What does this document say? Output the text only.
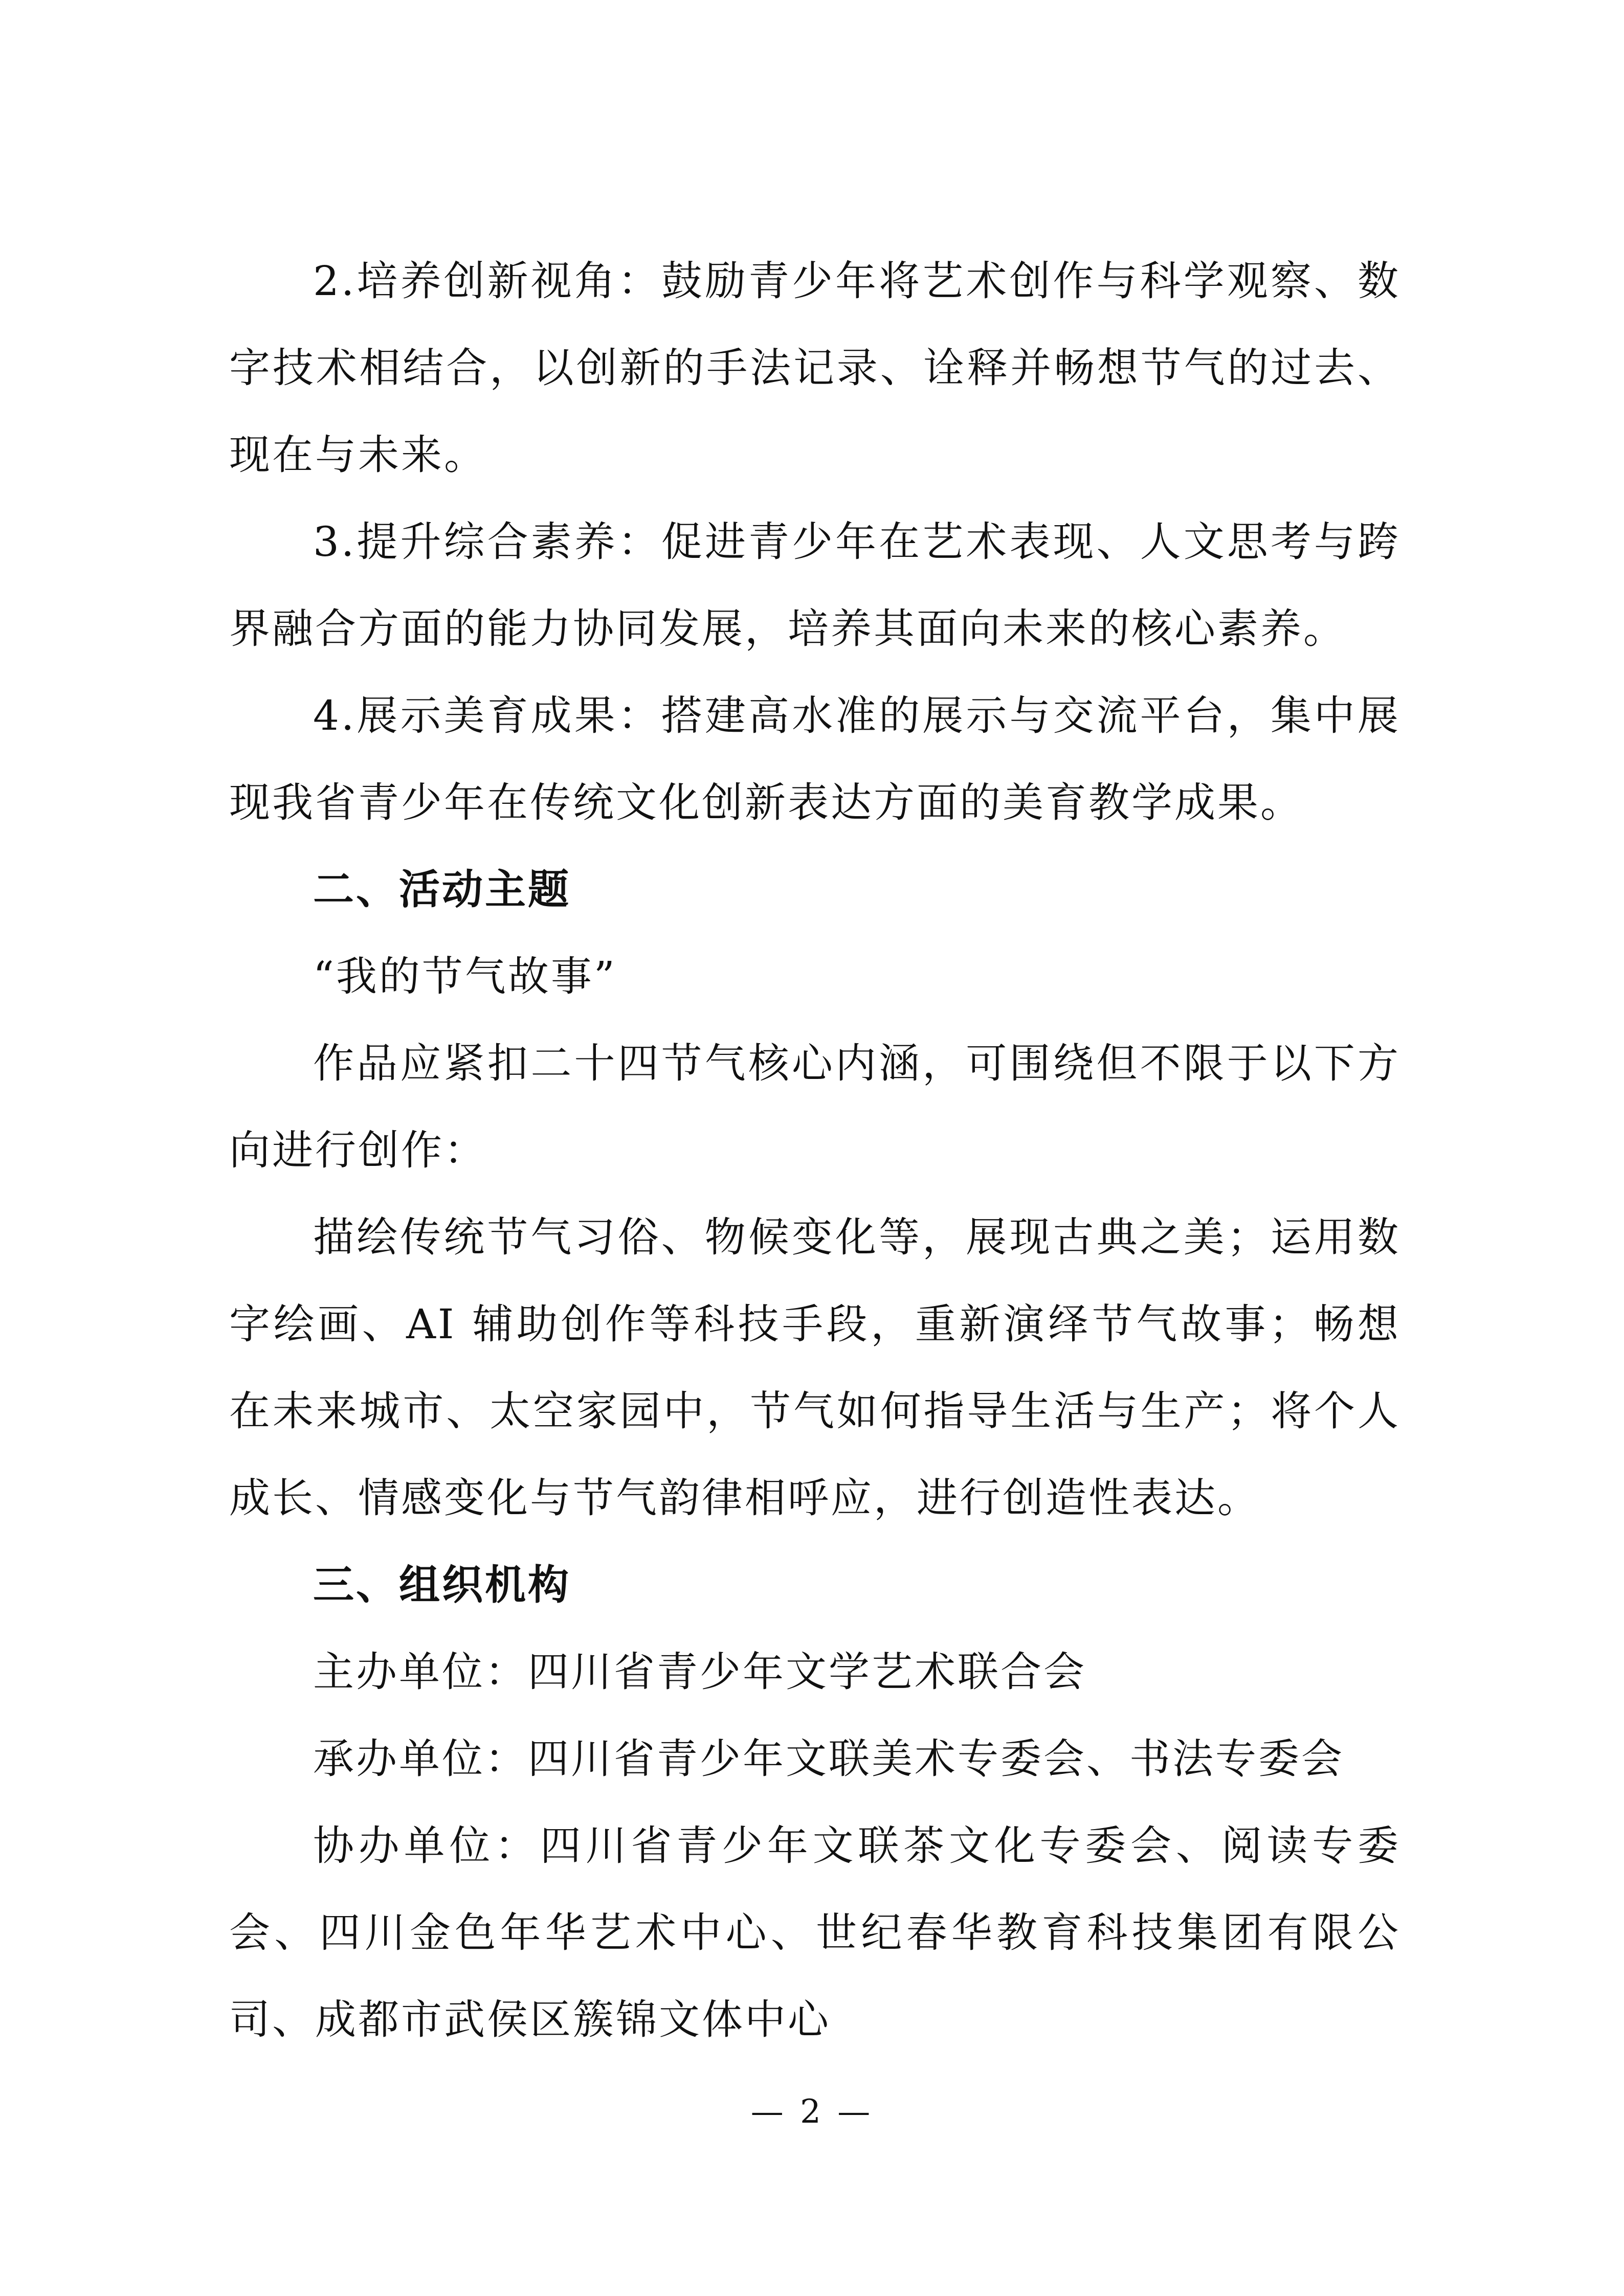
2.培养创新视角：鼓励青少年将艺术创作与科学观察、数字技术相结合，以创新的手法记录、诠释并畅想节气的过去、现在与未来。

3.提升综合素养：促进青少年在艺术表现、人文思考与跨界融合方面的能力协同发展，培养其面向未来的核心素养。

4.展示美育成果：搭建高水准的展示与交流平台，集中展现我省青少年在传统文化创新表达方面的美育教学成果。

二、活动主题

“我的节气故事”

作品应紧扣二十四节气核心内涵，可围绕但不限于以下方向进行创作：

描绘传统节气习俗、物候变化等，展现古典之美；运用数字绘画、AI 辅助创作等科技手段，重新演绎节气故事；畅想在未来城市、太空家园中，节气如何指导生活与生产；将个人成长、情感变化与节气韵律相呼应，进行创造性表达。

三、组织机构

主办单位：四川省青少年文学艺术联合会

承办单位：四川省青少年文联美术专委会、书法专委会

协办单位：四川省青少年文联茶文化专委会、阅读专委会、四川金色年华艺术中心、世纪春华教育科技集团有限公司、成都市武侯区簇锦文体中心

— 2 —
